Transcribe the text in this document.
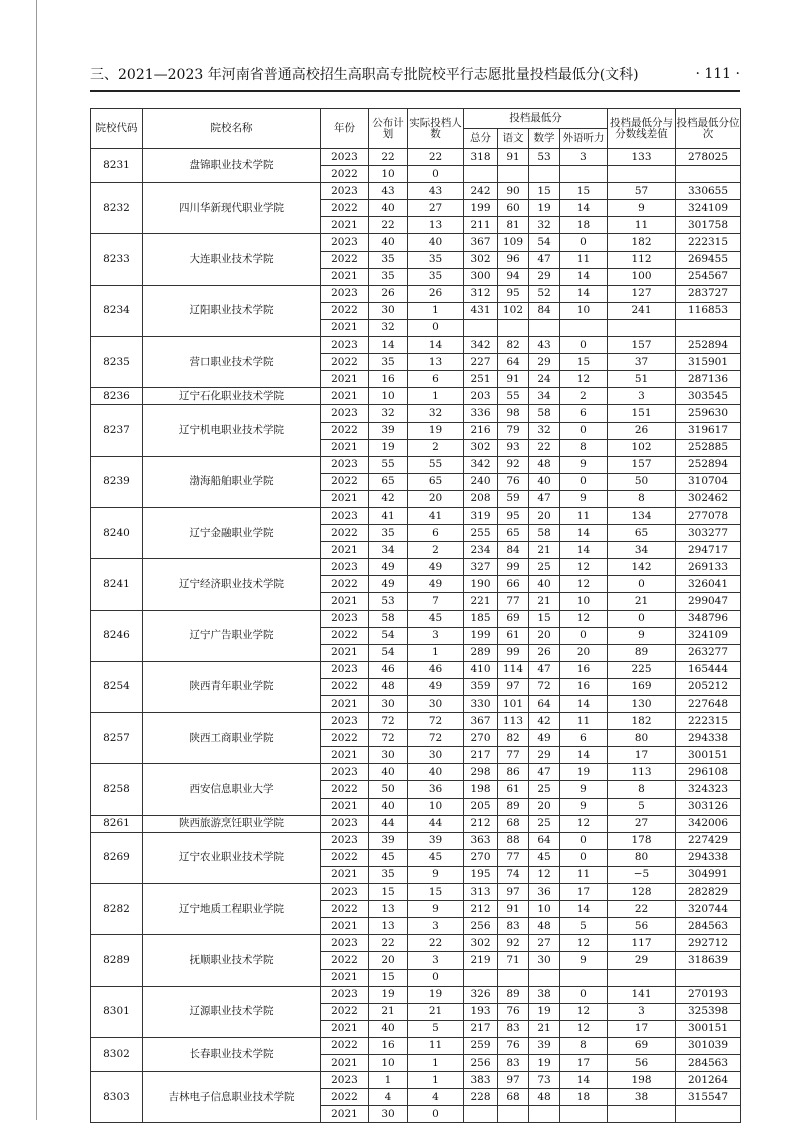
三、2021—2023 年河南省普通高校招生高职高专批院校平行志愿批量投档最低分(文科)	· 111 ·
院校代码	院校名称	年份	公布计划	实际投档人数	投档最低分				投档最低分与分数线差值	投档最低分位次
					总分	语文	数学	外语听力		
8231	盘锦职业技术学院	2023	22	22	318	91	53	3	133	278025
		2022	10	0						
8232	四川华新现代职业学院	2023	43	43	242	90	15	15	57	330655
		2022	40	27	199	60	19	14	9	324109
		2021	22	13	211	81	32	18	11	301758
8233	大连职业技术学院	2023	40	40	367	109	54	0	182	222315
		2022	35	35	302	96	47	11	112	269455
		2021	35	35	300	94	29	14	100	254567
8234	辽阳职业技术学院	2023	26	26	312	95	52	14	127	283727
		2022	30	1	431	102	84	10	241	116853
		2021	32	0						
8235	营口职业技术学院	2023	14	14	342	82	43	0	157	252894
		2022	35	13	227	64	29	15	37	315901
		2021	16	6	251	91	24	12	51	287136
8236	辽宁石化职业技术学院	2021	10	1	203	55	34	2	3	303545
8237	辽宁机电职业技术学院	2023	32	32	336	98	58	6	151	259630
		2022	39	19	216	79	32	0	26	319617
		2021	19	2	302	93	22	8	102	252885
8239	渤海船舶职业学院	2023	55	55	342	92	48	9	157	252894
		2022	65	65	240	76	40	0	50	310704
		2021	42	20	208	59	47	9	8	302462
8240	辽宁金融职业学院	2023	41	41	319	95	20	11	134	277078
		2022	35	6	255	65	58	14	65	303277
		2021	34	2	234	84	21	14	34	294717
8241	辽宁经济职业技术学院	2023	49	49	327	99	25	12	142	269133
		2022	49	49	190	66	40	12	0	326041
		2021	53	7	221	77	21	10	21	299047
8246	辽宁广告职业学院	2023	58	45	185	69	15	12	0	348796
		2022	54	3	199	61	20	0	9	324109
		2021	54	1	289	99	26	20	89	263277
8254	陕西青年职业学院	2023	46	46	410	114	47	16	225	165444
		2022	48	49	359	97	72	16	169	205212
		2021	30	30	330	101	64	14	130	227648
8257	陕西工商职业学院	2023	72	72	367	113	42	11	182	222315
		2022	72	72	270	82	49	6	80	294338
		2021	30	30	217	77	29	14	17	300151
8258	西安信息职业大学	2023	40	40	298	86	47	19	113	296108
		2022	50	36	198	61	25	9	8	324323
		2021	40	10	205	89	20	9	5	303126
8261	陕西旅游烹饪职业学院	2023	44	44	212	68	25	12	27	342006
8269	辽宁农业职业技术学院	2023	39	39	363	88	64	0	178	227429
		2022	45	45	270	77	45	0	80	294338
		2021	35	9	195	74	12	11	−5	304991
8282	辽宁地质工程职业学院	2023	15	15	313	97	36	17	128	282829
		2022	13	9	212	91	10	14	22	320744
		2021	13	3	256	83	48	5	56	284563
8289	抚顺职业技术学院	2023	22	22	302	92	27	12	117	292712
		2022	20	3	219	71	30	9	29	318639
		2021	15	0						
8301	辽源职业技术学院	2023	19	19	326	89	38	0	141	270193
		2022	21	21	193	76	19	12	3	325398
		2021	40	5	217	83	21	12	17	300151
8302	长春职业技术学院	2022	16	11	259	76	39	8	69	301039
		2021	10	1	256	83	19	17	56	284563
8303	吉林电子信息职业技术学院	2023	1	1	383	97	73	14	198	201264
		2022	4	4	228	68	48	18	38	315547
		2021	30	0						
